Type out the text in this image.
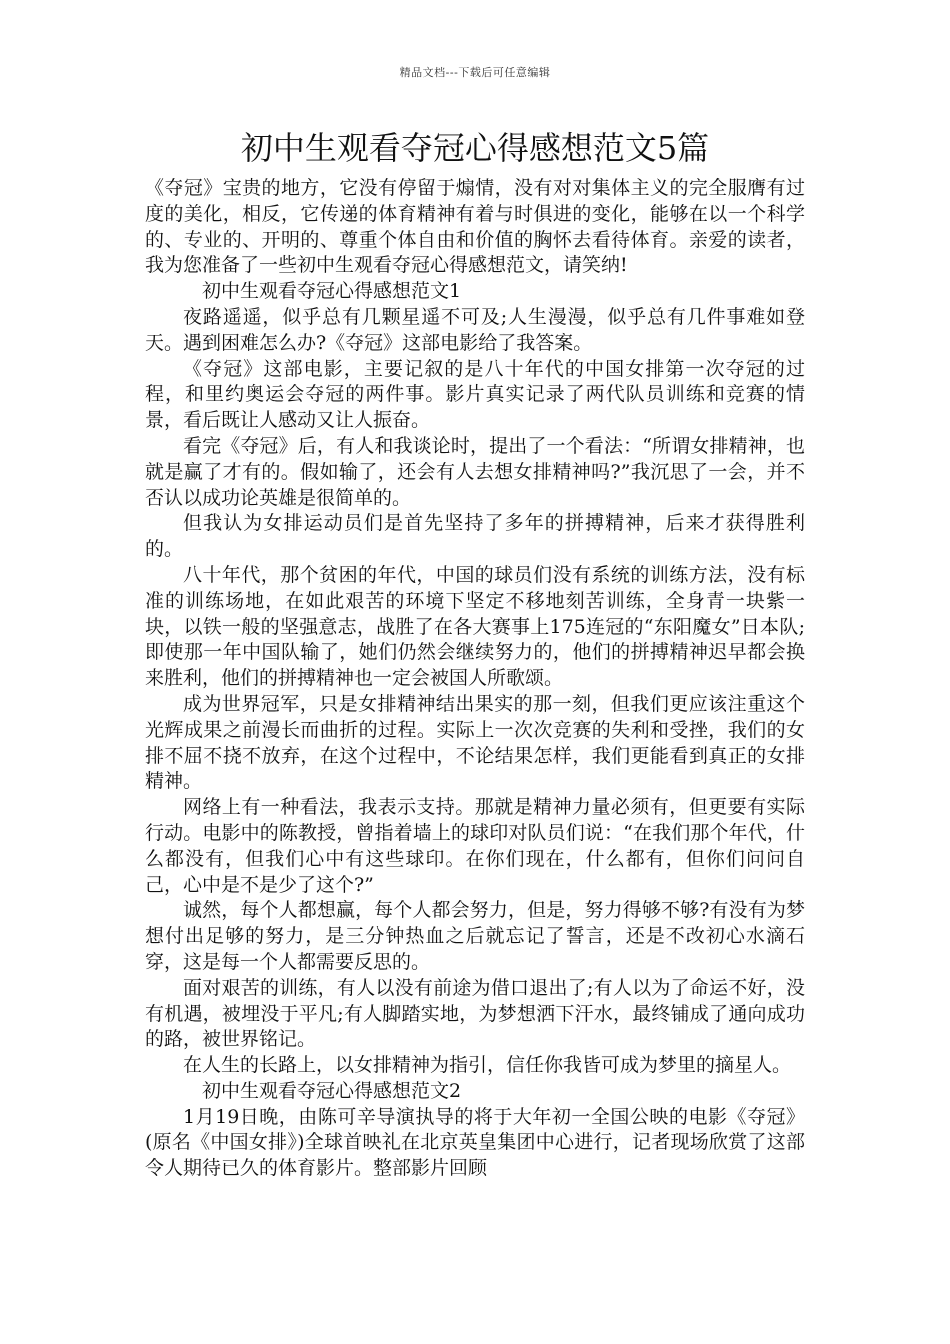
精品文档---下载后可任意编辑
初中生观看夺冠心得感想范文5篇

《夺冠》宝贵的地方，它没有停留于煽情，没有对对集体主义的完全服膺有过度的美化，相反，它传递的体育精神有着与时俱进的变化，能够在以一个科学的、专业的、开明的、尊重个体自由和价值的胸怀去看待体育。亲爱的读者，我为您准备了一些初中生观看夺冠心得感想范文，请笑纳!

初中生观看夺冠心得感想范文1

夜路遥遥，似乎总有几颗星遥不可及;人生漫漫，似乎总有几件事难如登天。遇到困难怎么办?《夺冠》这部电影给了我答案。

《夺冠》这部电影，主要记叙的是八十年代的中国女排第一次夺冠的过程，和里约奥运会夺冠的两件事。影片真实记录了两代队员训练和竞赛的情景，看后既让人感动又让人振奋。

看完《夺冠》后，有人和我谈论时，提出了一个看法：“所谓女排精神，也就是赢了才有的。假如输了，还会有人去想女排精神吗?”我沉思了一会，并不否认以成功论英雄是很简单的。

但我认为女排运动员们是首先坚持了多年的拼搏精神，后来才获得胜利的。

八十年代，那个贫困的年代，中国的球员们没有系统的训练方法，没有标准的训练场地，在如此艰苦的环境下坚定不移地刻苦训练，全身青一块紫一块，以铁一般的坚强意志，战胜了在各大赛事上175连冠的“东阳魔女”日本队;即使那一年中国队输了，她们仍然会继续努力的，他们的拼搏精神迟早都会换来胜利，他们的拼搏精神也一定会被国人所歌颂。

成为世界冠军，只是女排精神结出果实的那一刻，但我们更应该注重这个光辉成果之前漫长而曲折的过程。实际上一次次竞赛的失利和受挫，我们的女排不屈不挠不放弃，在这个过程中，不论结果怎样，我们更能看到真正的女排精神。

网络上有一种看法，我表示支持。那就是精神力量必须有，但更要有实际行动。电影中的陈教授，曾指着墙上的球印对队员们说：“在我们那个年代，什么都没有，但我们心中有这些球印。在你们现在，什么都有，但你们问问自己，心中是不是少了这个?”

诚然，每个人都想赢，每个人都会努力，但是，努力得够不够?有没有为梦想付出足够的努力，是三分钟热血之后就忘记了誓言，还是不改初心水滴石穿，这是每一个人都需要反思的。

面对艰苦的训练，有人以没有前途为借口退出了;有人以为了命运不好，没有机遇，被埋没于平凡;有人脚踏实地，为梦想洒下汗水，最终铺成了通向成功的路，被世界铭记。

在人生的长路上，以女排精神为指引，信任你我皆可成为梦里的摘星人。

初中生观看夺冠心得感想范文2

1月19日晚，由陈可辛导演执导的将于大年初一全国公映的电影《夺冠》(原名《中国女排》)全球首映礼在北京英皇集团中心进行，记者现场欣赏了这部令人期待已久的体育影片。整部影片回顾
